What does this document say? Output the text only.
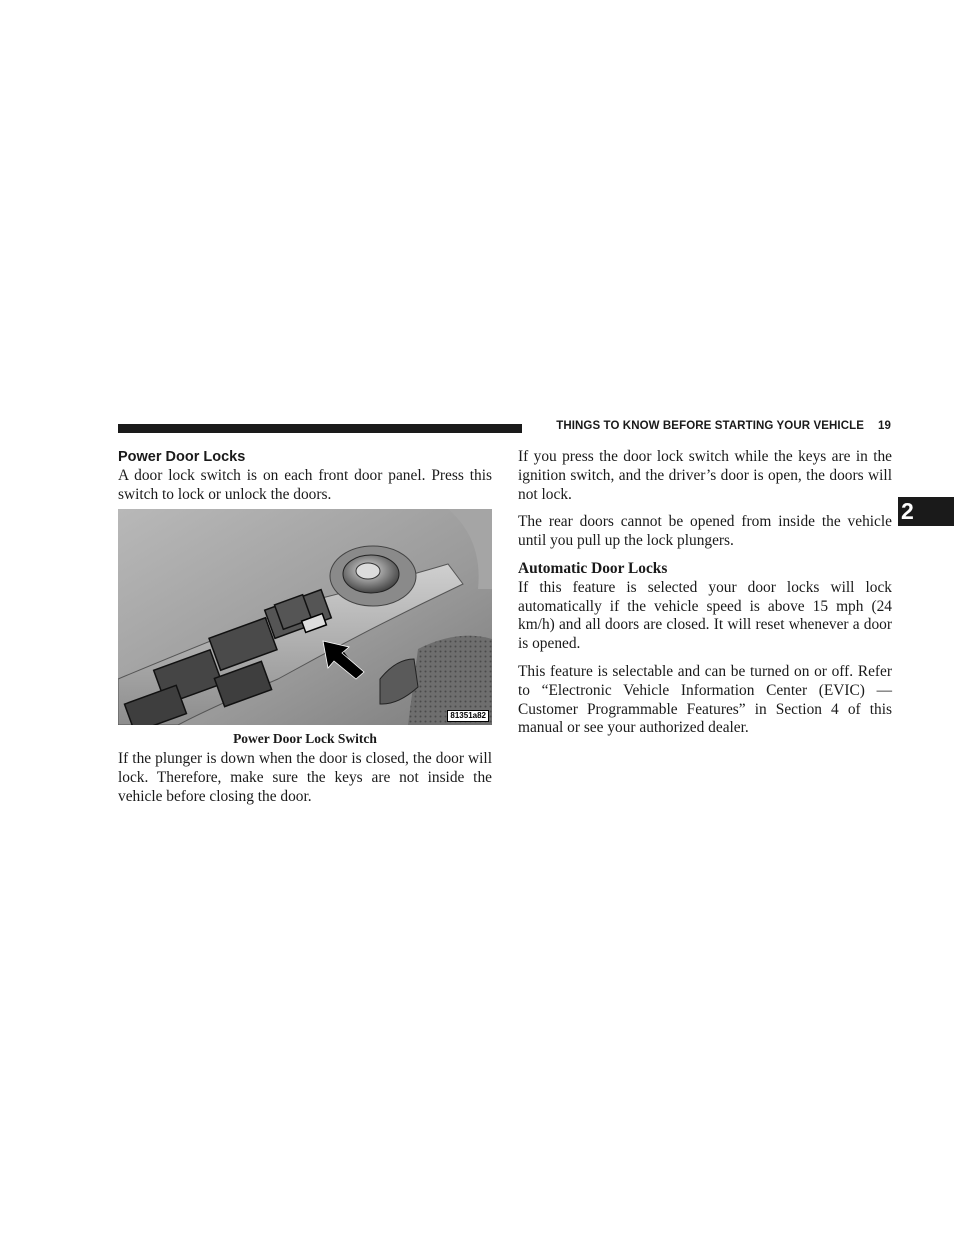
THINGS TO KNOW BEFORE STARTING YOUR VEHICLE 19
2
Power Door Locks

A door lock switch is on each front door panel. Press this switch to lock or unlock the doors.

81351a82
Power Door Lock Switch

If the plunger is down when the door is closed, the door will lock. Therefore, make sure the keys are not inside the vehicle before closing the door.

If you press the door lock switch while the keys are in the ignition switch, and the driver’s door is open, the doors will not lock.

The rear doors cannot be opened from inside the vehicle until you pull up the lock plungers.

Automatic Door Locks

If this feature is selected your door locks will lock automatically if the vehicle speed is above 15 mph (24 km/h) and all doors are closed. It will reset whenever a door is opened.

This feature is selectable and can be turned on or off. Refer to “Electronic Vehicle Information Center (EVIC) — Customer Programmable Features” in Section 4 of this manual or see your authorized dealer.
